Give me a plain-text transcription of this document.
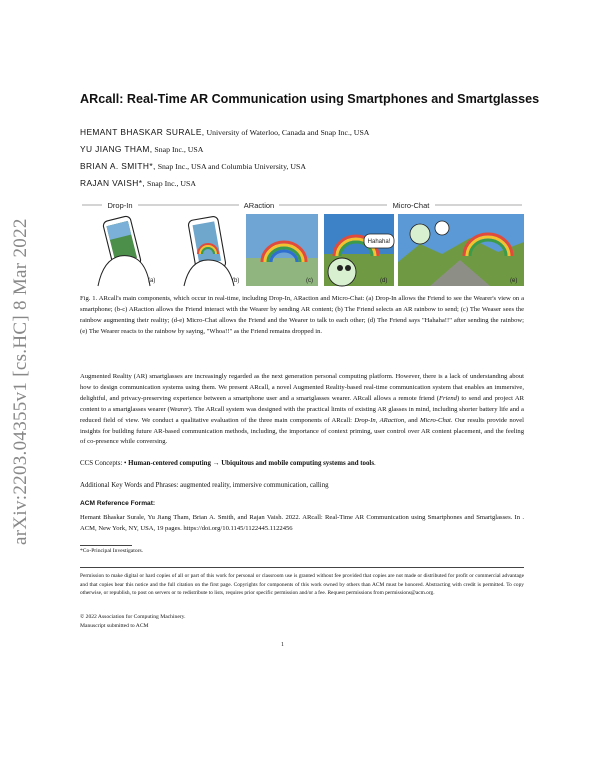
arXiv:2203.04355v1 [cs.HC] 8 Mar 2022
ARcall: Real-Time AR Communication using Smartphones and Smartglasses
HEMANT BHASKAR SURALE, University of Waterloo, Canada and Snap Inc., USA
YU JIANG THAM, Snap Inc., USA
BRIAN A. SMITH*, Snap Inc., USA and Columbia University, USA
RAJAN VAISH*, Snap Inc., USA
Drop-In	ARaction	Micro-Chat
(a)	(b)	(c)
Hahaha!
(d)	(e)
Fig. 1. ARcall's main components, which occur in real-time, including Drop-In, ARaction and Micro-Chat: (a) Drop-In allows the Friend to see the Wearer's view on a smartphone; (b-c) ARaction allows the Friend interact with the Wearer by sending AR content; (b) The Friend selects an AR rainbow to send; (c) The Weaser sees the rainbow augmenting their reality; (d-e) Micro-Chat allows the Friend and the Wearer to talk to each other; (d) The Friend says "Hahaha!!" after sending the rainbow; (e) The Wearer reacts to the rainbow by saying, "Whoa!!" as the Friend remains dropped in.
Augmented Reality (AR) smartglasses are increasingly regarded as the next generation personal computing platform. However, there is a lack of understanding about how to design communication systems using them. We present ARcall, a novel Augmented Reality-based real-time communication system that enables an immersive, delightful, and privacy-preserving experience between a smartphone user and a smartglasses wearer. ARcall allows a remote friend (Friend) to send and project AR content to a smartglasses wearer (Wearer). The ARcall system was designed with the practical limits of existing AR glasses in mind, including shorter battery life and a reduced field of view. We conduct a qualitative evaluation of the three main components of ARcall: Drop-In, ARaction, and Micro-Chat. Our results provide novel insights for building future AR-based communication methods, including, the importance of context priming, user control over AR content placement, and the feeling of co-presence while conversing.
CCS Concepts: • Human-centered computing → Ubiquitous and mobile computing systems and tools.
Additional Key Words and Phrases: augmented reality, immersive communication, calling
ACM Reference Format:
Hemant Bhaskar Surale, Yu Jiang Tham, Brian A. Smith, and Rajan Vaish. 2022. ARcall: Real-Time AR Communication using Smartphones and Smartglasses. In . ACM, New York, NY, USA, 19 pages. https://doi.org/10.1145/1122445.1122456
*Co-Principal Investigators.
Permission to make digital or hard copies of all or part of this work for personal or classroom use is granted without fee provided that copies are not made or distributed for profit or commercial advantage and that copies bear this notice and the full citation on the first page. Copyrights for components of this work owned by others than ACM must be honored. Abstracting with credit is permitted. To copy otherwise, or republish, to post on servers or to redistribute to lists, requires prior specific permission and/or a fee. Request permissions from permissions@acm.org.
© 2022 Association for Computing Machinery.
Manuscript submitted to ACM
1
